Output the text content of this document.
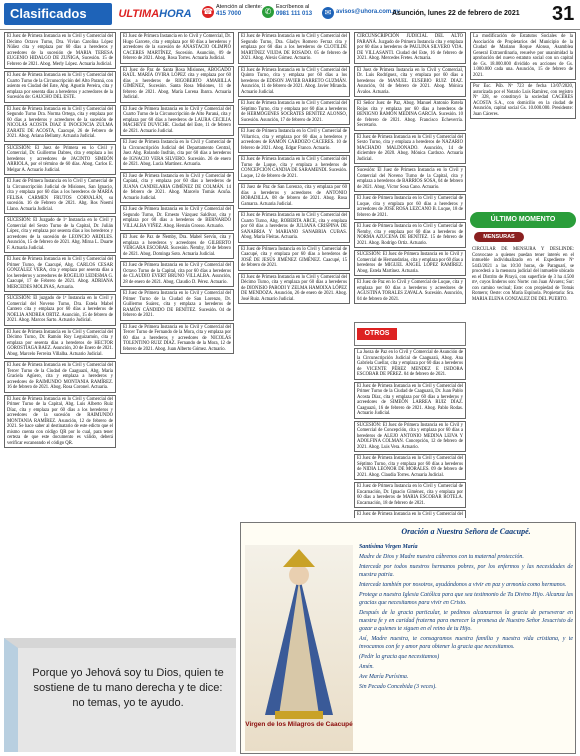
Clasificados	ULTIMAHORA	☎ Atención al cliente:
415 7000	✆ Escríbenos al
0981 111 013	✉ avisos@uhora.com.py
Asunción, lunes 22 de febrero de 2021 31
El Juez de Primera Instancia en lo Civil y Comercial del Décimo Octavo Turno, Dra. Vivian Carolina López Núñez cita y emplaza por 60 días a herederos y acreedores de la sucesión de MARIA TERESA EUGENIO HIDALGO DE ZUÑIGA, Sucesión. 15 de Febrero de 2021. Abog. Merly López. Actuaria Judicial.
El Juez de Primera Instancia en lo Civil y Comercial del Cuarto Turno de la Circunscripción del Alto Paraná, con asiento en Ciudad del Este, Abg. Agustín Pereira, cita y emplaza por sesenta días a herederos y acreedores de la Sucesión de: GAUCHO DEL ESTE.
El Juez de Primera Instancia en lo Civil y Comercial del Segundo Turno Dra. Norma Ortega, cita y emplaza por 60 días a herederos y acreedores de la sucesión de NICOLÁS ACOSTA DIAZ E INOCENCIA ZULMA ZARATE DE ACOSTA, Caacupé, 26 de Febrero de 2021. Abog. Ariana Bellamy. Actuaria Judicial.
SUCESIÓN: El Juez de Primera en lo Civil y Comercial, Dr. Guillermo Dabres, cita y emplaza a los herederos y acreedores de JACINTO SIMEÓN ARRIOLA, por el término de 60 días. Abog. Carlos E. Melgar A. Actuario Judicial.
El Juez de Primera Instancia en lo Civil y Comercial de la Circunscripción Judicial de Misiones, San Ignacio, cita y emplaza por 60 días a los herederos de MARÍA FELISA CARMEN FRUTOS CORVALÁN, su sucesión. 16 de Febrero de 2021. Abg. Ros Noemí Llano. Actuaria Judicial.
SUCESIÓN: El Juzgado de 1ª Instancia en lo Civil y Comercial del Sexto Turno de la Capital, Dr. Julián López, cita y emplaza por sesenta días a los herederos y acreedores de la sucesión de LEONCIO ARDILES. Asunción, 15 de febrero de 2021. Abg. Mirna L. Duarte F. Actuaria Judicial.
El Juez de Primera Instancia en lo Civil y Comercial del Primer Turno, de Caacupé, Abg. CARLOS CESAR GONZÁLEZ VERA, cita y emplaza por sesenta días a los herederos y acreedores de ROGELIO LEDESMA G. Caacupé, 17 de Febrero de 2021. Abog. ADRIANA MERCEDES MOLINAS, Actuaria.
SUCESIÓN: El juzgado de 1ª Instancia en lo Civil y Comercial del Noveno Turno, Dra. Estela Mabel Cantero cita y emplaza por 60 días a herederos de NOELIA ANDREA ORTIZ. Asunción, 15 de febrero de 2021. Abog. Marcos Sarto. Actuario Judicial.
El Juez de Primera Instancia en lo Civil y Comercial del Décimo Turno, Dr. Ramón Roy Leguizamón, cita y emplaza por sesenta días a herederos de HECTOR GOROSTIAGA BAEZ. Asunción, 20 de Enero de 2021. Abog. Marcelo Ferreira Villalba. Actuario Judicial.
El Juez de Primera Instancia en lo Civil y Comercial del Tercer Turno de la Ciudad de Caaguazú, Abg. María Graciela Agüero, cita y emplaza a herederos y acreedores de RAIMUNDO MONTANIA RAMÍREZ. 16 de febrero de 2021. Abog. Rosa Coronel. Actuaria.
El Juez de Primera Instancia en lo Civil y Comercial del Primer Turno de la Capital, Abg. Luis Alberto Ruiz Díaz, cita y emplaza por 60 días a los herederos y acreedores de la sucesión de RAIMUNDO MONTANIA RAMÍREZ. Asunción, 12 de febrero de 2021. Se hace saber al destinatario de este edicto que el mismo cuenta con código QR por lo cual, para tener certeza de que este documento es válido, deberá verificar escaneando el código QR.
El Juez de Primera Instancia en lo Civil y Comercial, Dr. Hugo Garcete, cita y emplaza por 60 días a herederos y acreedores de la sucesión de ANASTACIO OLIMPIO CACERES MARTÍNEZ, Sucesión. Asunción, 09 de febrero de 2021. Abog. Rosa Torres. Actuaria Judicial.
El Juez de Paz de Santa Rosa Misiones, ABOGADO RAÚL MARÍA OVIRA LÓPEZ cita y emplaza por 60 días a herederos de RIGOBERTO AMARILLA GIMÉNEZ, Sucesión. Santa Rosa Misiones, 11 de febrero de 2021. Abog. María Lorena Ibarra. Actuaria Judicial.
El Juez de Primera Instancia en lo Civil y Comercial del Cuarto Turno de la Circunscripción de Alto Paraná, cita y emplaza por 60 días a herederos de LAURA CECILIA MACHEYE DUVICHE. Ciudad del Este, 11 de febrero de 2021. Actuario Judicial.
El Juez de Primera Instancia en lo Civil y Comercial de la Circunscripción Judicial del Departamento Central, Juez Abg. Rolando Insfrán, cita por 60 días a herederos de IGNACIO VERA SILVERO. Sucesión. 26 de enero de 2021. Abog. Lucía Martínez. Actuaria.
El Juez de Primera Instancia en lo Civil y Comercial de Capiatá, cita y emplaza por 60 días a herederos de JUANA CANDELARIA GIMÉNEZ DE COLMÁN. 14 de febrero de 2021. Abog. Marcelo Tomás Acuña. Actuario Judicial.
El Juez de Primera Instancia en lo Civil y Comercial del Segundo Turno, Dr. Ernesto Vázquez Saldívar, cita y emplaza por 60 días a herederos de BERNARDO VILLALBA VIÑEZ. Abog. Hernán Grosso. Actuario.
El Juez de Paz de Ñemby, Dra. Mabel Servín, cita y emplaza a herederos y acreedores de GILBERTO VERGARA ESCOBAR. Sucesión. Ñemby, 10 de febrero de 2021. Abog. Dominga Soto. Actuaria Judicial.
El Juez de Primera Instancia en lo Civil y Comercial del Octavo Turno de la Capital, cita por 60 días a herederos de CLAUDIO EVERT BRUNO VILLALBA. Asunción, 28 de enero de 2021. Abog. Claudio D. Pérez. Actuario.
El Juez de Primera Instancia en lo Civil y Comercial del Primer Turno de la Ciudad de San Lorenzo, Dr. Guillermo Suárez, cita y emplaza a herederos de RAMÓN CÁNDIDO DE BENÍTEZ. Sucesión. 04 de febrero de 2021.
El Juez de Primera Instancia en lo Civil y Comercial del Tercer Turno de Fernando de la Mora, cita y emplaza por 60 días a herederos y acreedores de NICOLÁS TOLENTINO RUIZ DÍAZ. Fernando de la Mora, 12 de febrero de 2021. Abog. Juan Alberto Gómez. Actuario.
El Juez de Primera Instancia en lo Civil y Comercial del Segundo Turno, Dra. Gladys Romero Ferraz cita y emplaza por 60 días a los herederos de CLOTILDE MARTÍNEZ VIUDA DE ROSADO. 05 de febrero de 2021. Abog. Alexis Gómez. Actuario.
El Juez de Primera Instancia en lo Civil y Comercial del Quinto Turno, cita y emplaza por 60 días a los herederos de EDISON JAVIER BARRETO GUZMÁN. Asunción, 11 de febrero de 2021. Abog. Javier Miranda. Actuario Judicial.
El Juez de Primera Instancia en lo Civil y Comercial del Séptimo Turno, cita y emplaza por 60 días a herederos de HERMÓGENES SOCRATES BENÍTEZ ALONSO, Sucesión. Asunción, 17 de febrero de 2021.
El Juez de Primera Instancia en lo Civil y Comercial de Villarrica, cita y emplaza por 60 días a herederos y acreedores de RAMÓN CARDOZO CÁCERES. 10 de febrero de 2021. Abog. Edgar Franco. Actuario.
El Juez de Primera Instancia en lo Civil y Comercial del Turno de Luque, cita y emplaza a herederos de CONCEPCIÓN CANDIA DE SARAMENDI. Sucesión. Luque, 12 de febrero de 2021.
El Juez de Paz de San Lorenzo, cita y emplaza por 60 días a herederos y acreedores de ANTONIO BOBADILLA. 08 de febrero de 2021. Abog. Rosa Gamarra. Actuaria Judicial.
El Juez de Primera Instancia en lo Civil y Comercial del Cuarto Turno, Abg. ROBERTA ARCE, cita y emplaza por 60 días a herederos de JULIANA CRISPINA DE SANABRIA Y MARIANO SANABRIA CUBAS. Abog. María Fleitas. Actuaria.
El Juez de Primera Instancia en lo Civil y Comercial de Caacupé, cita y emplaza por 60 días a herederos de JOSÉ DE JESÚS JIMÉNEZ GIMÉNEZ. Caacupé, 15 de febrero de 2021.
El Juez de Primera Instancia en lo Civil y Comercial del Décimo Turno, cita y emplaza por 60 días a herederos de DIONISIO PARODI Y ZELMA HAMOIXA LÓPEZ DE MENDOZA. Asunción, 26 de enero de 2021. Abog. José Ruiz. Actuario Judicial.
CIRCUNSCRIPCIÓN JUDICIAL DEL ALTO PARANÁ. Juzgado de Primera Instancia cita y emplaza por 60 días a herederos de PAULINA SILVERO VDA. DE VILLASANTI. Ciudad del Este, 16 de febrero de 2021. Abog. Mercedes Fretes. Actuaria.
El Juez de Primera Instancia en lo Civil y Comercial, Dr. Luis Rodríguez, cita y emplaza por 60 días a herederos de MANUEL EUSEBIO RUIZ DIAZ. Asunción, 04 de febrero de 2021. Abog. Mónica Ávalos. Actuaria.
El Señor Juez de Paz, Abog. Manuel Antonio Rotela Rojas cita y emplaza por 60 días a herederos de BENIGNO RAMÓN MEDINA GARCÍA. Sucesión. 10 de febrero de 2021. Abog. Francisco Echeverría. Secretario.
El Juez de Primera Instancia en lo Civil y Comercial del Sexto Turno, cita y emplaza a herederos de NAZARIO MACHADO MALDONADO. Asunción, 14 de diciembre de 2020. Abog. Mónica Cardozo. Actuaria Judicial.
Sucesión: El Juez de Primera Instancia en lo Civil y Comercial del Noveno Turno de la Capital, cita y emplaza a herederos de BARRIOS SOSA, 04 de febrero de 2021. Abog. Víctor Sosa Cano. Actuario.
El Juez de Primera Instancia en lo Civil y Comercial de Luque, cita y emplaza por 60 días a herederos y acreedores de JOSÉ ROSA LEZCANO B. Luque, 18 de febrero de 2021.
El Juez de Primera Instancia en lo Civil y Comercial de Ñemby, cita y emplaza por 60 días a herederos de NORMA AZUCENA DE BENÍTEZ. 15 de febrero de 2021. Abog. Rodrigo Ortiz. Actuario.
SUCESIÓN: El Juez de Primera Instancia en lo Civil y Comercial de Hernandarias, cita y emplaza por 60 días a herederos de MIGUEL ÁNGEL LÓPEZ RAMÍREZ. Abog. Estela Martínez. Actuaria.
El Juez de Paz en lo Civil y Comercial de Luque, cita y emplaza por 60 días a herederos y acreedores de AGUSTINA TORALES ZAVALA. Sucesión. Asunción, 04 de febrero de 2021.
La Jueza de Paz en lo Civil y Comercial de Asunción de la Circunscripción Judicial de Caaguazú, Abog. Ana Gabriela Cuellar, cita y emplaza por 60 días a herederos de VICENTE PÉREZ MENDEZ E ISIDORA ESCOBAR DE PÉREZ. 04 de febrero de 2021.
El Juez de Primera Instancia en lo Civil y Comercial del Primer Turno de la Ciudad de Caaguazú, Dr. Juan Pablo Acosta Díaz, cita y emplaza por 60 días a herederos y acreedores de SIMEÓN LARREA RUIZ DÍAZ. Caaguazú, 16 de febrero de 2021. Abog. Pablo Rodas. Actuario Judicial.
SUCESIÓN: El Juez de Primera Instancia en lo Civil y Comercial de Concepción, cita y emplaza por 60 días a herederos de ALEJO ANTONIO MEDINA LEIVA Y ADOLFINA COLMAN. Concepción, 12 de febrero de 2021. Abog. Luis Vera. Actuario.
El Juez de Primera Instancia en lo Civil y Comercial del Séptimo Turno, cita y emplaza por 60 días a herederos de NIDIA LEONOR DE MORALES. 09 de febrero de 2021. Abog. Claudia Torres. Actuaria Judicial.
El Juez de Primera Instancia en lo Civil y Comercial de Encarnación, Dr. Ignacio Giménez, cita y emplaza por 60 días a herederos de MARIA ESCOBAR ROTELA. Encarnación, 18 de febrero de 2021.
El Juez de Primera Instancia en lo Civil y Comercial del
La modificación de Estatutos Sociales de la Asociación de Propietarios del Municipio de la Ciudad de Mariano Roque Alonso, Asamblea General Extraordinaria, resuelve por unanimidad la aprobación del nuevo estatuto social con un capital de Gs. 18.000.000 dividido en acciones de Gs. 1.000.000 cada una. Asunción, 15 de febrero de 2021.
Por Esc. Púb. Nº 723 de fecha 13/07/2020, autorizada por el Notario Luis Ramírez, con registro Nº 328, se constituyó la sociedad CACERES ACOSTA S.A., con domicilio en la ciudad de Asunción, capital social Gs. 10.000.000. Presidente: Juan Cáceres.
ÚLTIMO MOMENTO
MENSURAS
CIRCULAR DE MENSURA Y DESLINDE: Convocase a quienes puedan tener interés en el inmueble individualizado en el Expediente Nº 5443/2021 a las 10:30 horas, de Paraguarí, se procederá a la mensura judicial del inmueble ubicado en el Distrito de Pirayú, con superficie de 3 ha 4.500 m², cuyos linderos son: Norte: con Juan Álvarez; Sur: con camino vecinal; Este: con propiedad de Tomás Romero; Oeste: con María Espínola. Propietaria: Sra. MARIA ELENA GONZALEZ DE DEL PUERTO.
OTROS
Virgen de los Milagros de Caacupé
Oración a Nuestra Señora de Caacupé.
Santísima Virgen María
Madre de Dios y Madre nuestra cúbrenos con tu maternal protección.
Intercede por todos nuestros hermanos pobres, por los enfermos y las necesidades de nuestra patria.
Intercede también por nosotros, ayudándonos a vivir en paz y armonía como hermanos.
Protege a nuestra Iglesia Católica para que sea testimonio de Tu Divino Hijo. Alcanza las gracias que necesitamos para vivir en Cristo.
Después de la gracia particular, te pedimos alcanzarnos la gracia de perseverar en nuestra fe y en caridad fraterna para merecer la promesa de Nuestro Señor Jesucristo de gozar a quienes te siguen en el reino de tu Hijo.
Así, Madre nuestra, te consagramos nuestra familia y nuestra vida cristiana, y te invocamos con fe y amor para obtener la gracia que necesitamos.
(Pedir la gracia que necesitamos)
Amén.
Ave María Purísima.
Sin Pecado Concebida (3 veces).
Porque yo Jehová soy tu Dios, quien te sostiene de tu mano derecha y te dice: no temas, yo te ayudo.
